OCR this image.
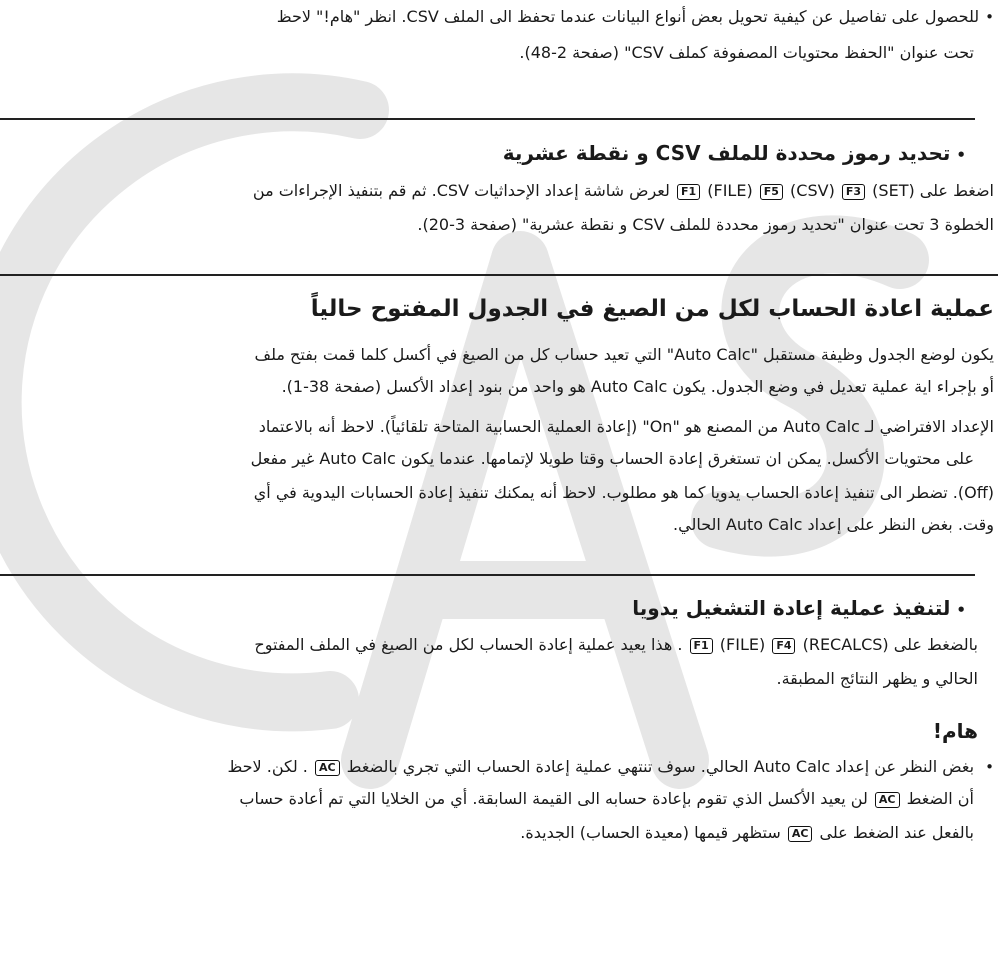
• للحصول على تفاصيل عن كيفية تحويل بعض أنواع البيانات عندما تحفظ الى الملف CSV. انظر "هام!" لاحظ
تحت عنوان "الحفظ محتويات المصفوفة كملف CSV" (صفحة 2-48).
• تحديد رموز محددة للملف CSV و نقطة عشرية
اضغط على (SET) F3 (CSV) F5 (FILE) F1 لعرض شاشة إعداد الإحداثيات CSV. ثم قم بتنفيذ الإجراءات من
الخطوة 3 تحت عنوان "تحديد رموز محددة للملف CSV و نقطة عشرية" (صفحة 3-20).
عملية اعادة الحساب لكل من الصيغ في الجدول المفتوح حالياً
يكون لوضع الجدول وظيفة مستقبل "Auto Calc" التي تعيد حساب كل من الصيغ في أكسل كلما قمت بفتح ملف
أو بإجراء اية عملية تعديل في وضع الجدول. يكون Auto Calc هو واحد من بنود إعداد الأكسل (صفحة 38-1).
الإعداد الافتراضي لـ Auto Calc من المصنع هو "On" (إعادة العملية الحسابية المتاحة تلقائياً). لاحظ أنه بالاعتماد
على محتويات الأكسل. يمكن ان تستغرق إعادة الحساب وقتا طويلا لإتمامها. عندما يكون Auto Calc غير مفعل
(Off). تضطر الى تنفيذ إعادة الحساب يدويا كما هو مطلوب. لاحظ أنه يمكنك تنفيذ إعادة الحسابات اليدوية في أي
وقت. بغض النظر على إعداد Auto Calc الحالي.
• لتنفيذ عملية إعادة التشغيل يدويا
بالضغط على (RECALCS) F4 (FILE) F1 . هذا يعيد عملية إعادة الحساب لكل من الصيغ في الملف المفتوح
الحالي و يظهر النتائج المطبقة.
هام!
• بغض النظر عن إعداد Auto Calc الحالي. سوف تنتهي عملية إعادة الحساب التي تجري بالضغط AC . لكن. لاحظ
أن الضغط AC لن يعيد الأكسل الذي تقوم بإعادة حسابه الى القيمة السابقة. أي من الخلايا التي تم أعادة حساب
بالفعل عند الضغط على AC ستظهر قيمها (معيدة الحساب) الجديدة.
